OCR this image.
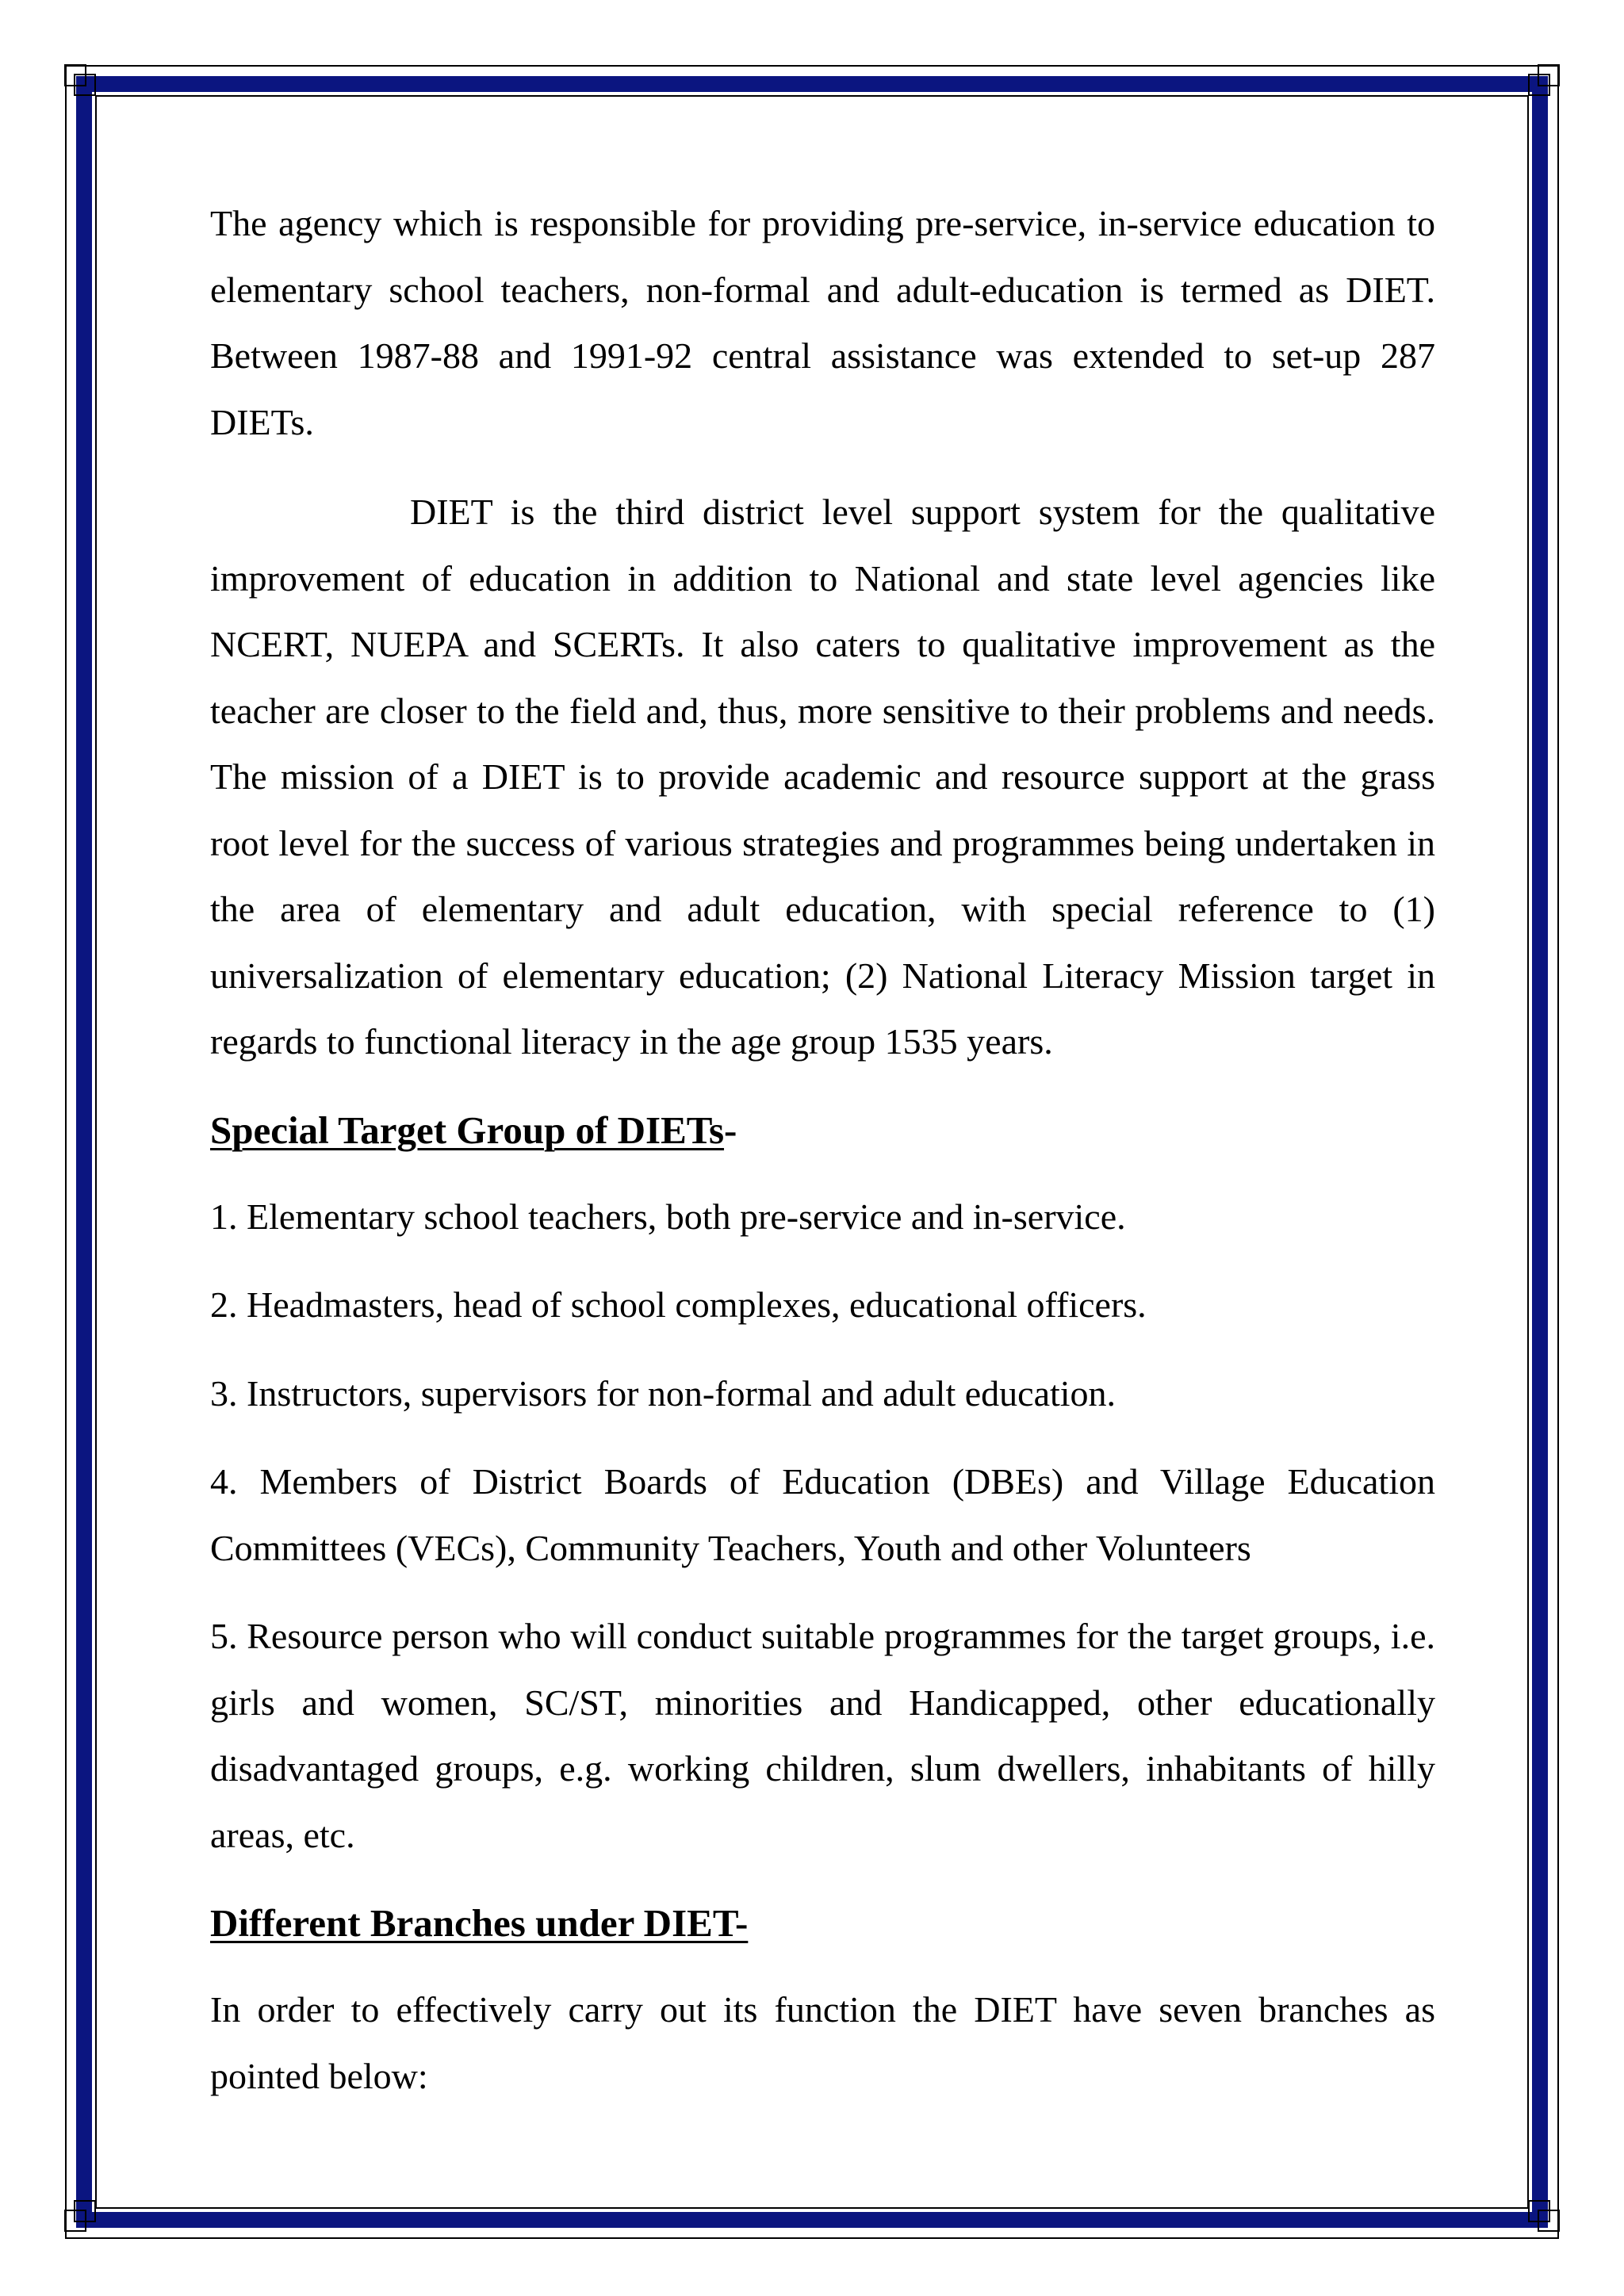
The agency which is responsible for providing pre-service, in-service education to elementary school teachers, non-formal and adult-education is termed as DIET. Between 1987-88 and 1991-92 central assistance was extended to set-up 287 DIETs.

DIET is the third district level support system for the qualitative improvement of education in addition to National and state level agencies like NCERT, NUEPA and SCERTs. It also caters to qualitative improvement as the teacher are closer to the field and, thus, more sensitive to their problems and needs. The mission of a DIET is to provide academic and resource support at the grass root level for the success of various strategies and programmes being undertaken in the area of elementary and adult education, with special reference to (1) universalization of elementary education; (2) National Literacy Mission target in regards to functional literacy in the age group 1535 years.

Special Target Group of DIETs-

1. Elementary school teachers, both pre-service and in-service.

2. Headmasters, head of school complexes, educational officers.

3. Instructors, supervisors for non-formal and adult education.

4. Members of District Boards of Education (DBEs) and Village Education Committees (VECs), Community Teachers, Youth and other Volunteers

5. Resource person who will conduct suitable programmes for the target groups, i.e. girls and women, SC/ST, minorities and Handicapped, other educationally disadvantaged groups, e.g. working children, slum dwellers, inhabitants of hilly areas, etc.

Different Branches under DIET-

In order to effectively carry out its function the DIET have seven branches as pointed below:
